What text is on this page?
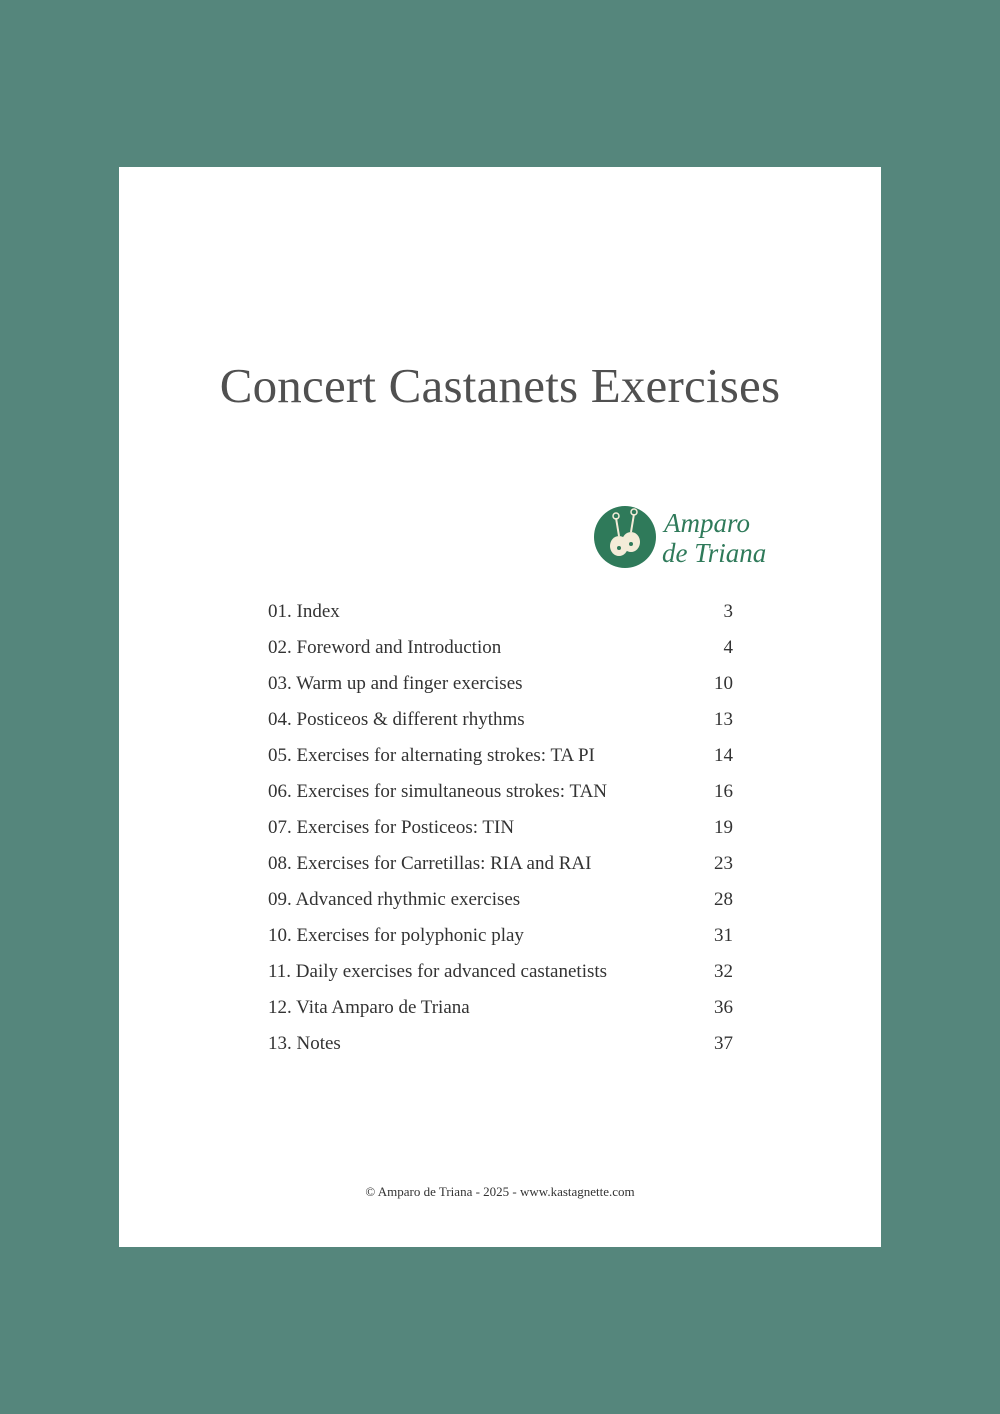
Concert Castanets Exercises
Amparo
de Triana
01. Index	3
02. Foreword and Introduction	4
03. Warm up and finger exercises	10
04. Posticeos & different rhythms	13
05. Exercises for alternating strokes: TA PI	14
06. Exercises for simultaneous strokes: TAN	16
07. Exercises for Posticeos: TIN	19
08. Exercises for Carretillas: RIA and RAI	23
09. Advanced rhythmic exercises	28
10. Exercises for polyphonic play	31
11. Daily exercises for advanced castanetists	32
12. Vita Amparo de Triana	36
13. Notes	37
© Amparo de Triana - 2025 - www.kastagnette.com
